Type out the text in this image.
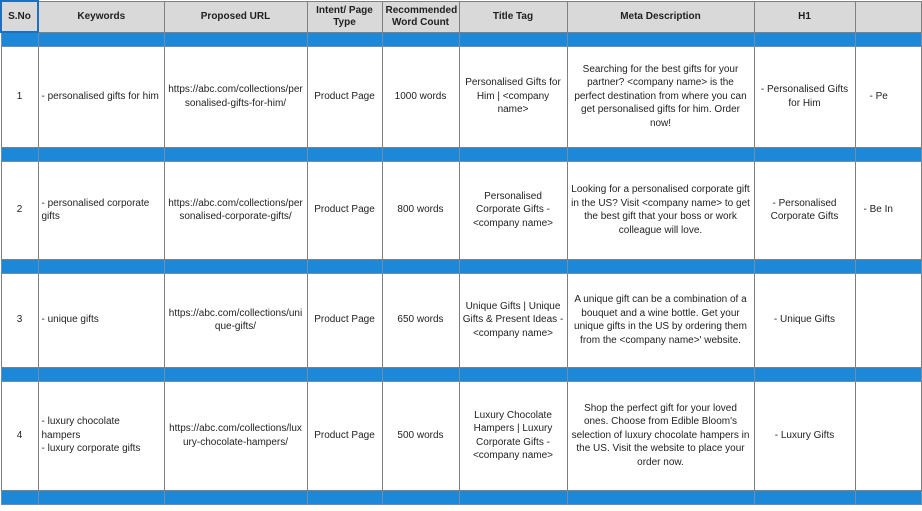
S.No	Keywords	Proposed URL	Intent/ Page Type	Recommended Word Count	Title Tag	Meta Description	H1	

1	- personalised gifts for him	https://abc.com/collections/personalised-gifts-for-him/	Product Page	1000 words	Personalised Gifts for Him | <company name>	Searching for the best gifts for your partner? <company name> is the perfect destination from where you can get personalised gifts for him. Order now!	- Personalised Gifts for Him	- Pe

2	- personalised corporate gifts	https://abc.com/collections/personalised-corporate-gifts/	Product Page	800 words	Personalised Corporate Gifts - <company name>	Looking for a personalised corporate gift in the US? Visit <company name> to get the best gift that your boss or work colleague will love.	- Personalised Corporate Gifts	- Be In

3	- unique gifts	https://abc.com/collections/unique-gifts/	Product Page	650 words	Unique Gifts | Unique Gifts & Present Ideas - <company name>	A unique gift can be a combination of a bouquet and a wine bottle. Get your unique gifts in the US by ordering them from the <company name>' website.	- Unique Gifts	

4	- luxury chocolate hampers
- luxury corporate gifts	https://abc.com/collections/luxury-chocolate-hampers/	Product Page	500 words	Luxury Chocolate Hampers | Luxury Corporate Gifts - <company name>	Shop the perfect gift for your loved ones. Choose from Edible Bloom's selection of luxury chocolate hampers in the US. Visit the website to place your order now.	- Luxury Gifts	
